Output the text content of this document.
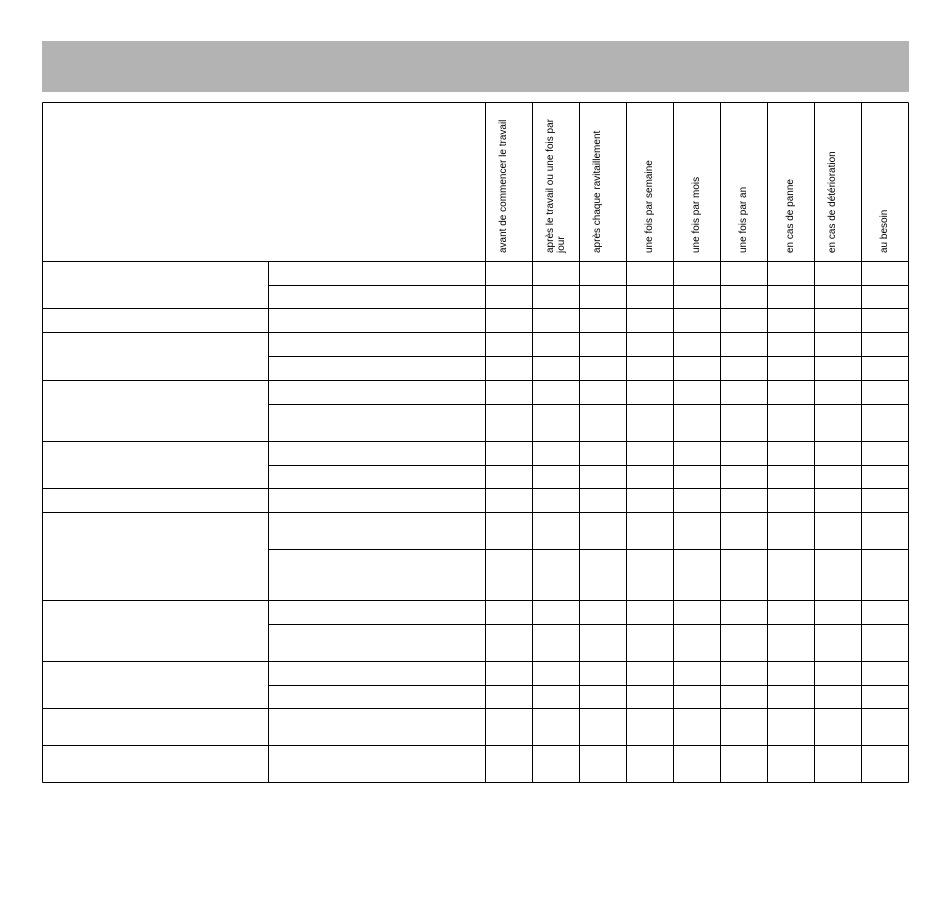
avant de commencer le travail	après le travail ou une fois par jour	après chaque ravitaillement	une fois par semaine	une fois par mois	une fois par an	en cas de panne	en cas de détérioration	au besoin
